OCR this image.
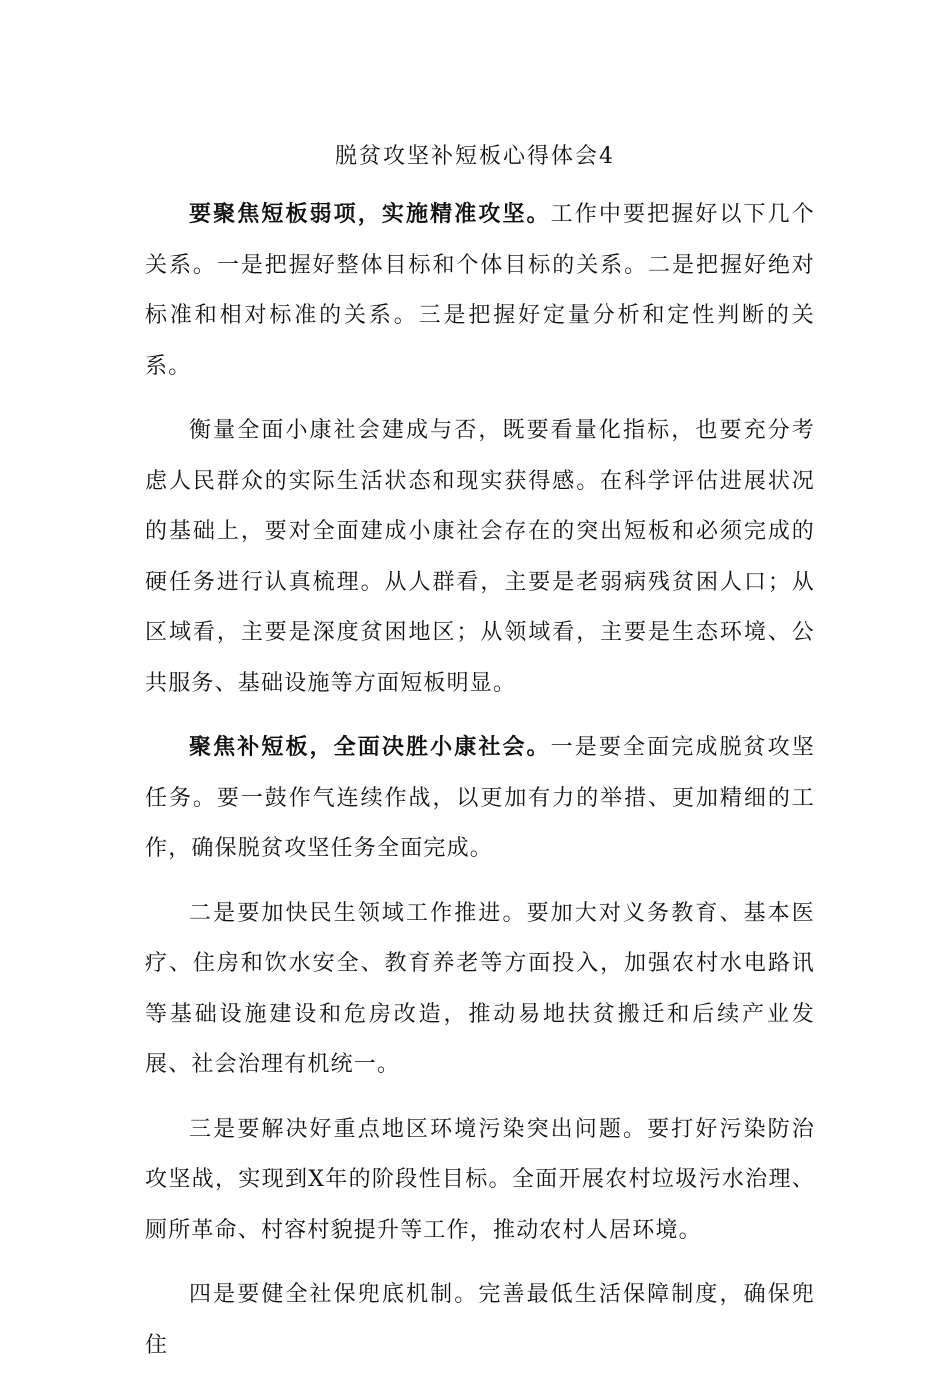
脱贫攻坚补短板心得体会4

要聚焦短板弱项，实施精准攻坚。工作中要把握好以下几个关系。一是把握好整体目标和个体目标的关系。二是把握好绝对标准和相对标准的关系。三是把握好定量分析和定性判断的关系。

衡量全面小康社会建成与否，既要看量化指标，也要充分考虑人民群众的实际生活状态和现实获得感。在科学评估进展状况的基础上，要对全面建成小康社会存在的突出短板和必须完成的硬任务进行认真梳理。从人群看，主要是老弱病残贫困人口；从区域看，主要是深度贫困地区；从领域看，主要是生态环境、公共服务、基础设施等方面短板明显。

聚焦补短板，全面决胜小康社会。一是要全面完成脱贫攻坚任务。要一鼓作气连续作战，以更加有力的举措、更加精细的工作，确保脱贫攻坚任务全面完成。

二是要加快民生领域工作推进。要加大对义务教育、基本医疗、住房和饮水安全、教育养老等方面投入，加强农村水电路讯等基础设施建设和危房改造，推动易地扶贫搬迁和后续产业发展、社会治理有机统一。

三是要解决好重点地区环境污染突出问题。要打好污染防治攻坚战，实现到X年的阶段性目标。全面开展农村垃圾污水治理、厕所革命、村容村貌提升等工作，推动农村人居环境。

四是要健全社保兜底机制。完善最低生活保障制度，确保兜住
